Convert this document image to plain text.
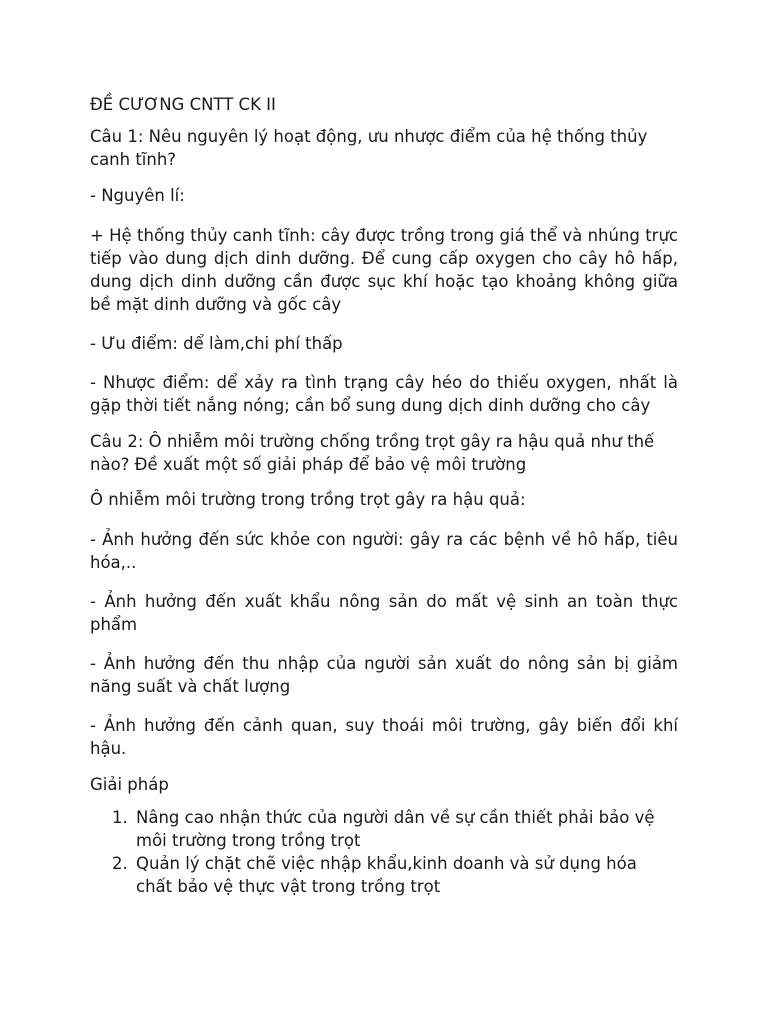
ĐỀ CƯƠNG CNTT CK II

Câu 1: Nêu nguyên lý hoạt động, ưu nhược điểm của hệ thống thủy canh tĩnh?

- Nguyên lí:

+ Hệ thống thủy canh tĩnh: cây được trồng trong giá thể và nhúng trực tiếp vào dung dịch dinh dưỡng. Để cung cấp oxygen cho cây hô hấp, dung dịch dinh dưỡng cần được sục khí hoặc tạo khoảng không giữa bề mặt dinh dưỡng và gốc cây

- Ưu điểm: dể làm,chi phí thấp

- Nhược điểm: dể xảy ra tình trạng cây héo do thiếu oxygen, nhất là gặp thời tiết nắng nóng; cần bổ sung dung dịch dinh dưỡng cho cây

Câu 2: Ô nhiễm môi trường chống trồng trọt gây ra hậu quả như thế nào? Đề xuất một số giải pháp để bảo vệ môi trường

Ô nhiễm môi trường trong trồng trọt gây ra hậu quả:

- Ảnh hưởng đến sức khỏe con người: gây ra các bệnh về hô hấp, tiêu hóa,..

- Ảnh hưởng đến xuất khẩu nông sản do mất vệ sinh an toàn thực phẩm

- Ảnh hưởng đến thu nhập của người sản xuất do nông sản bị giảm năng suất và chất lượng

- Ảnh hưởng đến cảnh quan, suy thoái môi trường, gây biến đổi khí hậu.

Giải pháp

1. Nâng cao nhận thức của người dân về sự cần thiết phải bảo vệ môi trường trong trồng trọt
2. Quản lý chặt chẽ việc nhập khẩu,kinh doanh và sử dụng hóa chất bảo vệ thực vật trong trồng trọt
